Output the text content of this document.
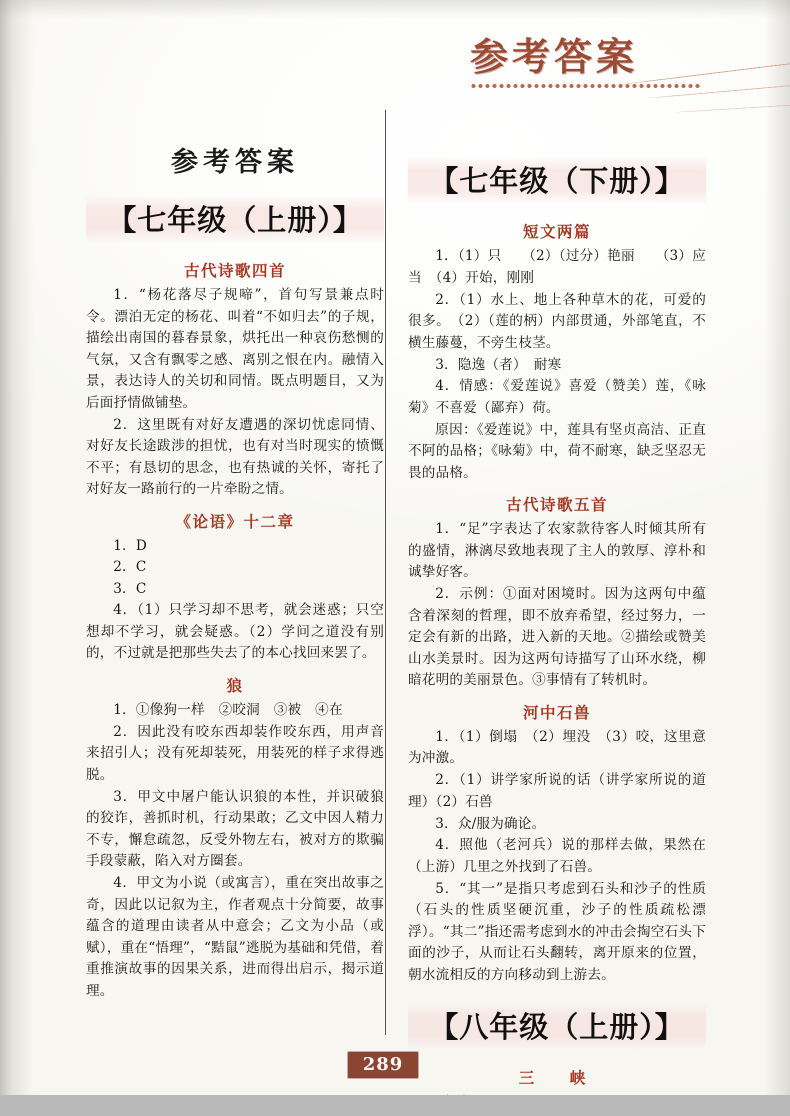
参考答案
参考答案
【七年级（上册）】
古代诗歌四首

1．“杨花落尽子规啼”，首句写景兼点时令。漂泊无定的杨花、叫着“不如归去”的子规，描绘出南国的暮春景象，烘托出一种哀伤愁恻的气氛，又含有飘零之感、离别之恨在内。融情入景，表达诗人的关切和同情。既点明题目，又为后面抒情做铺垫。

2．这里既有对好友遭遇的深切忧虑同情、对好友长途跋涉的担忧，也有对当时现实的愤慨不平；有恳切的思念，也有热诚的关怀，寄托了对好友一路前行的一片牵盼之情。

《论语》十二章

1．D

2．C

3．C

4．（1）只学习却不思考，就会迷惑；只空想却不学习，就会疑惑。（2）学问之道没有别的，不过就是把那些失去了的本心找回来罢了。

狼

1．①像狗一样　②咬洞　③被　④在

2．因此没有咬东西却装作咬东西，用声音来招引人；没有死却装死，用装死的样子求得逃脱。

3．甲文中屠户能认识狼的本性，并识破狼的狡诈，善抓时机，行动果敢；乙文中因人精力不专，懈怠疏忽，反受外物左右，被对方的欺骗手段蒙蔽，陷入对方圈套。

4．甲文为小说（或寓言），重在突出故事之奇，因此以记叙为主，作者观点十分简要，故事蕴含的道理由读者从中意会；乙文为小品（或赋），重在“悟理”，“黠鼠”逃脱为基础和凭借，着重推演故事的因果关系，进而得出启示，揭示道理。

【七年级（下册）】
短文两篇

1．（1）只　　（2）（过分）艳丽　　（3）应当　（4）开始，刚刚

2．（1）水上、地上各种草木的花，可爱的很多。　（2）（莲的柄）内部贯通，外部笔直，不横生藤蔓，不旁生枝茎。

3．隐逸（者）　耐寒

4．情感：《爱莲说》喜爱（赞美）莲，《咏菊》不喜爱（鄙弃）荷。

原因：《爱莲说》中，莲具有坚贞高洁、正直不阿的品格；《咏菊》中，荷不耐寒，缺乏坚忍无畏的品格。

古代诗歌五首

1．“足”字表达了农家款待客人时倾其所有的盛情，淋漓尽致地表现了主人的敦厚、淳朴和诚挚好客。

2．示例：①面对困境时。因为这两句中蕴含着深刻的哲理，即不放弃希望，经过努力，一定会有新的出路，进入新的天地。②描绘或赞美山水美景时。因为这两句诗描写了山环水绕，柳暗花明的美丽景色。③事情有了转机时。

河中石兽

1．（1）倒塌　（2）埋没　（3）咬，这里意为冲激。

2．（1）讲学家所说的话（讲学家所说的道理）（2）石兽

3．众/服为确论。

4．照他（老河兵）说的那样去做，果然在（上游）几里之外找到了石兽。

5．“其一”是指只考虑到石头和沙子的性质（石头的性质坚硬沉重，沙子的性质疏松漂浮）。“其二”指还需考虑到水的冲击会掏空石头下面的沙子，从而让石头翻转，离开原来的位置，朝水流相反的方向移动到上游去。

【八年级（上册）】
三　峡

289
